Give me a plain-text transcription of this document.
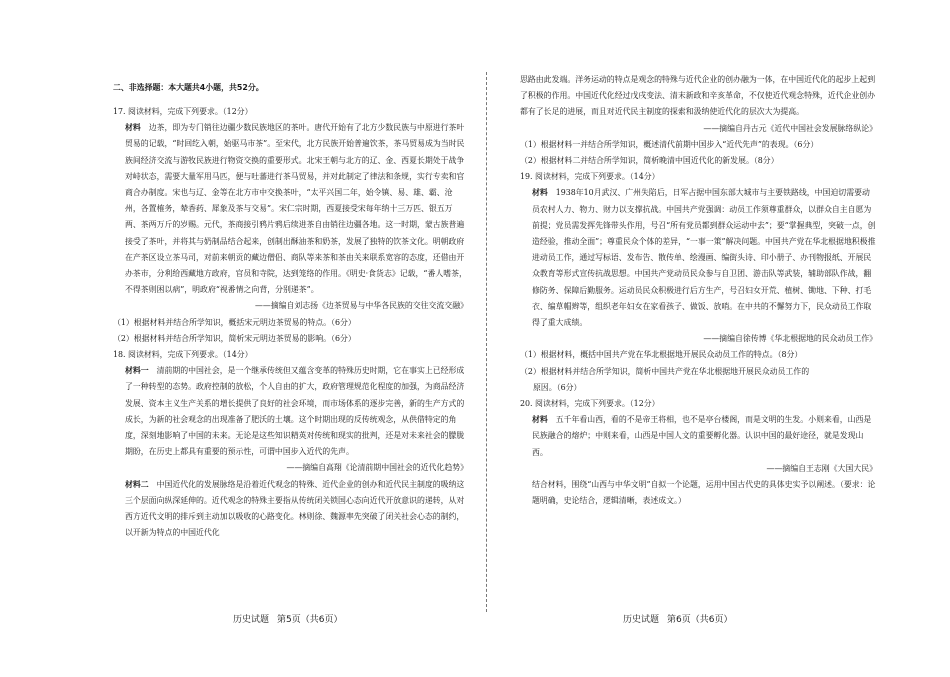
二、非选择题：本大题共4小题，共52分。

17. 阅读材料，完成下列要求。（12分）

材料  边茶，即为专门销往边疆少数民族地区的茶叶。唐代开始有了北方少数民族与中原进行茶叶贸易的记载，“时回纥入朝，始驱马市茶”。至宋代，北方民族开始普遍饮茶，茶马贸易成为当时民族间经济交流与游牧民族进行物资交换的重要形式。北宋王朝与北方的辽、金、西夏长期处于战争对峙状态，需要大量军用马匹，便与吐蕃进行茶马贸易，并对此制定了律法和条规，实行专卖和官商合办制度。宋也与辽、金等在北方市中交换茶叶，“太平兴国二年，始令镇、易、雄、霸、沧州，各置榷务，辇香药、犀象及茶与交易”。宋仁宗时期，西夏接受宋每年纳十三万匹、银五万两、茶两万斤的岁赐。元代，茶商接引鸦片鸦后续进茶自由销往边疆各地。这一时期，蒙古族普遍接受了茶叶，并将其与奶制品结合起来，创制出酥油茶和奶茶，发展了独特的饮茶文化。明朝政府在产茶区设立茶马司，对前来朝贡的藏边僧侣、商队等来茶和茶由关来联系宽容的态度，还借由开办茶市，分利给西藏地方政府，官员和寺院，达到笼络的作用。《明史·食货志》记载，“番人嗜茶，不得茶则困以病”，明政府“视番情之向背，分别递茶”。

——摘编自刘志扬《边茶贸易与中华各民族的交往交流交融》

（1）根据材料并结合所学知识，概括宋元明边茶贸易的特点。（6分）

（2）根据材料并结合所学知识，简析宋元明边茶贸易的影响。（6分）

18. 阅读材料，完成下列要求。（14分）

材料一  清前期的中国社会，是一个继承传统但又蕴含变革的特殊历史时期，它在事实上已经形成了一种转型的态势。政府控制的放松，个人自由的扩大，政府管理规范化程度的加强，为商品经济发展、资本主义生产关系的增长提供了良好的社会环境，而市场体系的逐步完善，新的生产方式的成长，为新的社会观念的出现准备了肥沃的土壤。这个时期出现的反传统观念，从供借特定的角度，深刻地影响了中国的未来。无论是这些知识精英对传统和现实的批判，还是对未来社会的朦胧期盼，在历史上都具有重要的预示性，可谓中国步入近代的先声。

——摘编自高翔《论清前期中国社会的近代化趋势》

材料二  中国近代化的发展脉络是沿着近代观念的特殊、近代企业的创办和近代民主制度的吸纳这三个层面向纵深延伸的。近代观念的特殊主要指从传统闭关锁国心态向近代开放意识的递转，从对西方近代文明的排斥到主动加以吸收的心路变化。林则徐、魏源率先突破了闭关社会心态的制约，以开新为特点的中国近代化

历史试题 第5页（共6页）

思路由此发端。洋务运动的特点是观念的特殊与近代企业的创办融为一体，在中国近代化的起步上起到了积极的作用。中国近代化经过戊戌变法、清末新政和辛亥革命，不仅使近代观念特殊，近代企业创办都有了长足的进展，而且对近代民主制度的探索和汲纳使近代化的层次大为提高。

——摘编自丹古元《近代中国社会发展脉络纵论》

（1）根据材料一并结合所学知识，概述清代前期中国步入“近代先声”的表现。（6分）

（2）根据材料二并结合所学知识，简析晚清中国近代化的新发展。（8分）

19. 阅读材料，完成下列要求。（14分）

材料  1938年10月武汉、广州失陷后，日军占据中国东部大城市与主要铁路线，中国迫切需要动员农村人力、物力、财力以支撑抗战。中国共产党强调：动员工作须尊重群众，以群众自主自愿为前提；党员需发挥先锋带头作用，号召“所有党员都到群众运动中去”；要“掌握典型，突破一点，创造经验，推动全面”；尊重民众个体的差异，“一事一策”解决问题。中国共产党在华北根据地积极推进动员工作，通过写标语、发布告、散传单、绘漫画、编街头诗、印小册子、办刊物报纸、开展民众教育等形式宣传抗战思想。中国共产党动员民众参与自卫团、游击队等武装，辅助部队作战，翻修防务、保障后勤服务。运动员民众积极进行后方生产，号召妇女开荒、植树、锄地、下种、打毛衣、编草帽辫等，组织老年妇女在家看孩子、做饭、放哨。在中共的不懈努力下，民众动员工作取得了重大成绩。

——摘编自徐传博《华北根据地的民众动员工作》

（1）根据材料，概括中国共产党在华北根据地开展民众动员工作的特点。（8分）

（2）根据材料并结合所学知识，简析中国共产党在华北根据地开展民众动员工作的

原因。（6分）

20. 阅读材料，完成下列要求。（12分）

材料  五千年看山西，看的不是帝王将相，也不是亭台楼阁，而是文明的生发。小则来看，山西是民族融合的熔炉；中则来看，山西是中国人文的重要孵化器。认识中国的最好途径，就是发现山西。

——摘编自王志刚《大国大民》

结合材料，围绕“山西与中华文明”自拟一个论题，运用中国古代史的具体史实予以阐述。（要求：论题明确，史论结合，逻辑清晰，表述成文。）

历史试题 第6页（共6页）
